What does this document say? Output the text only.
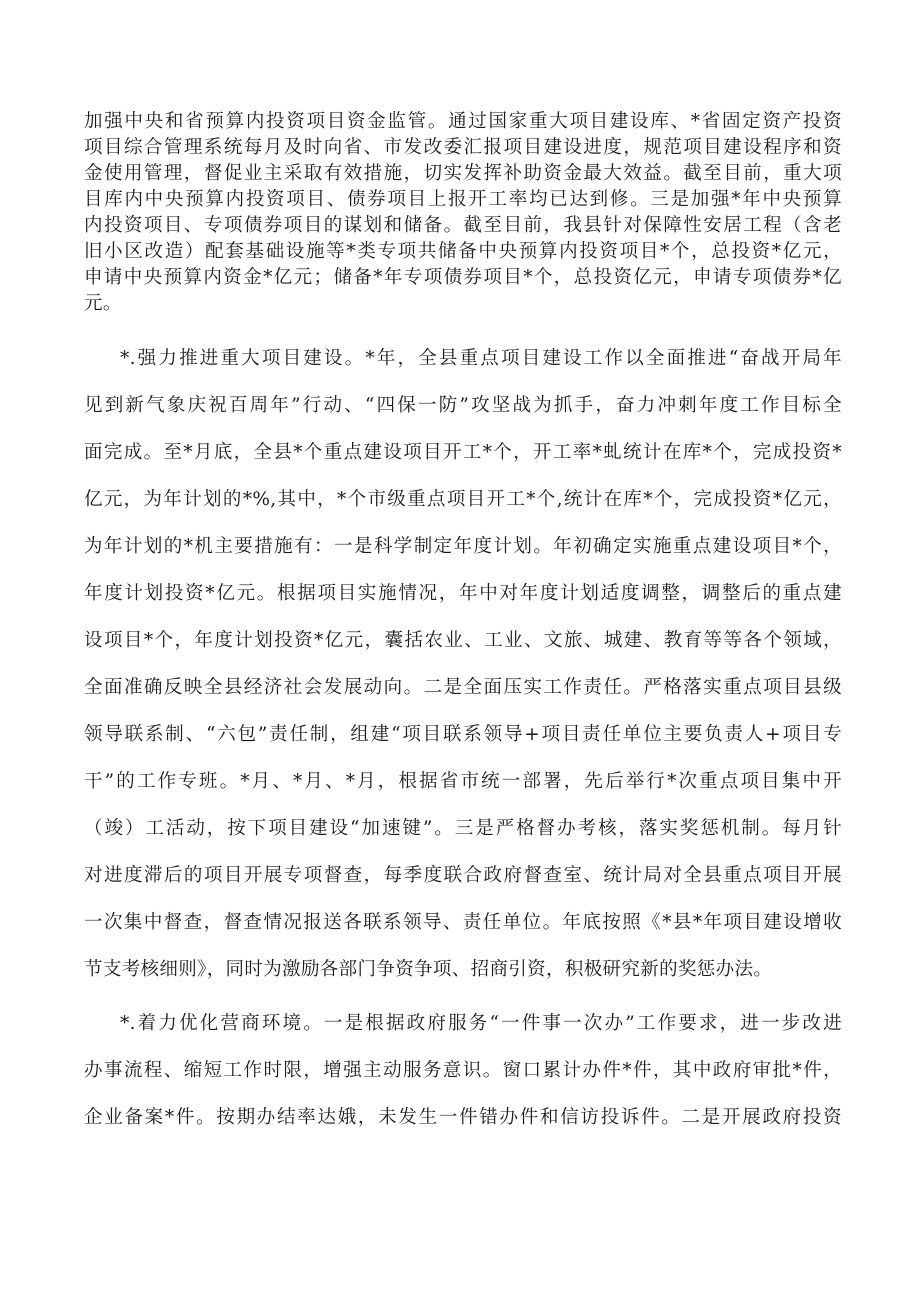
加强中央和省预算内投资项目资金监管。通过国家重大项目建设库、*省固定资产投资
项目综合管理系统每月及时向省、市发改委汇报项目建设进度，规范项目建设程序和资
金使用管理，督促业主采取有效措施，切实发挥补助资金最大效益。截至目前，重大项
目库内中央预算内投资项目、债券项目上报开工率均已达到修。三是加强*年中央预算
内投资项目、专项债券项目的谋划和储备。截至目前，我县针对保障性安居工程（含老
旧小区改造）配套基础设施等*类专项共储备中央预算内投资项目*个，总投资*亿元，
申请中央预算内资金*亿元；储备*年专项债券项目*个，总投资亿元，申请专项债券*亿
元。
*.强力推进重大项目建设。*年，全县重点项目建设工作以全面推进“奋战开局年
见到新气象庆祝百周年”行动、“四保一防”攻坚战为抓手，奋力冲刺年度工作目标全
面完成。至*月底，全县*个重点建设项目开工*个，开工率*虬统计在库*个，完成投资*
亿元，为年计划的*%,其中，*个市级重点项目开工*个,统计在库*个，完成投资*亿元，
为年计划的*机主要措施有：一是科学制定年度计划。年初确定实施重点建设项目*个，
年度计划投资*亿元。根据项目实施情况，年中对年度计划适度调整，调整后的重点建
设项目*个，年度计划投资*亿元，囊括农业、工业、文旅、城建、教育等等各个领域，
全面准确反映全县经济社会发展动向。二是全面压实工作责任。严格落实重点项目县级
领导联系制、“六包”责任制，组建“项目联系领导+项目责任单位主要负责人+项目专
干”的工作专班。*月、*月、*月，根据省市统一部署，先后举行*次重点项目集中开
（竣）工活动，按下项目建设“加速键”。三是严格督办考核，落实奖惩机制。每月针
对进度滞后的项目开展专项督查，每季度联合政府督查室、统计局对全县重点项目开展
一次集中督查，督查情况报送各联系领导、责任单位。年底按照《*县*年项目建设增收
节支考核细则》，同时为激励各部门争资争项、招商引资，积极研究新的奖惩办法。
*.着力优化营商环境。一是根据政府服务“一件事一次办”工作要求，进一步改进
办事流程、缩短工作时限，增强主动服务意识。窗口累计办件*件，其中政府审批*件，
企业备案*件。按期办结率达娥，未发生一件错办件和信访投诉件。二是开展政府投资
